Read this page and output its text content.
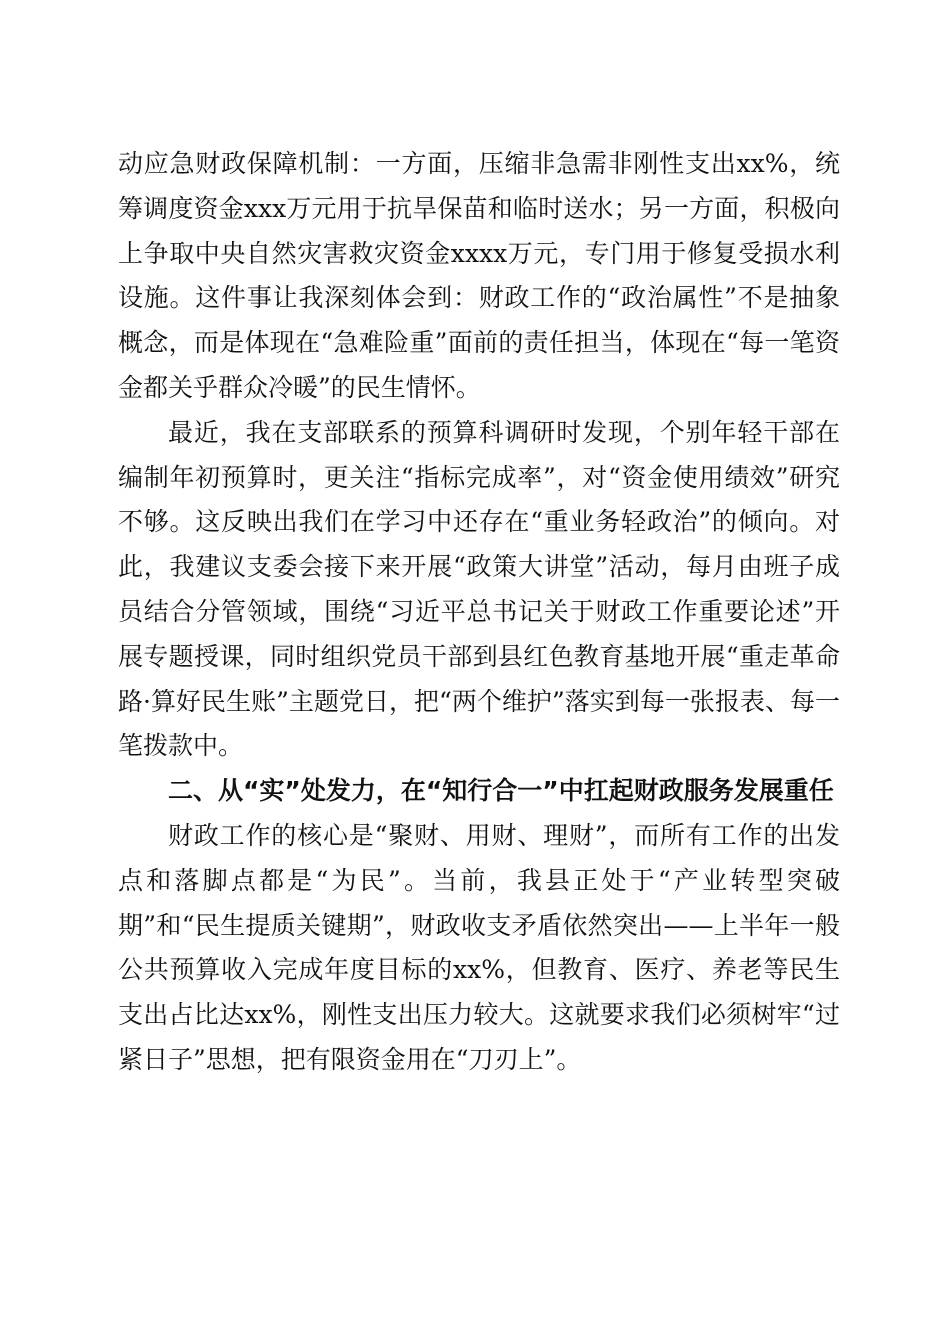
动应急财政保障机制：一方面，压缩非急需非刚性支出xx%，统筹调度资金xxx万元用于抗旱保苗和临时送水；另一方面，积极向上争取中央自然灾害救灾资金xxxx万元，专门用于修复受损水利设施。这件事让我深刻体会到：财政工作的“政治属性”不是抽象概念，而是体现在“急难险重”面前的责任担当，体现在“每一笔资金都关乎群众冷暖”的民生情怀。

最近，我在支部联系的预算科调研时发现，个别年轻干部在编制年初预算时，更关注“指标完成率”，对“资金使用绩效”研究不够。这反映出我们在学习中还存在“重业务轻政治”的倾向。对此，我建议支委会接下来开展“政策大讲堂”活动，每月由班子成员结合分管领域，围绕“习近平总书记关于财政工作重要论述”开展专题授课，同时组织党员干部到县红色教育基地开展“重走革命路·算好民生账”主题党日，把“两个维护”落实到每一张报表、每一笔拨款中。

二、从“实”处发力，在“知行合一”中扛起财政服务发展重任

财政工作的核心是“聚财、用财、理财”，而所有工作的出发点和落脚点都是“为民”。当前，我县正处于“产业转型突破期”和“民生提质关键期”，财政收支矛盾依然突出——上半年一般公共预算收入完成年度目标的xx%，但教育、医疗、养老等民生支出占比达xx%，刚性支出压力较大。这就要求我们必须树牢“过紧日子”思想，把有限资金用在“刀刃上”。
